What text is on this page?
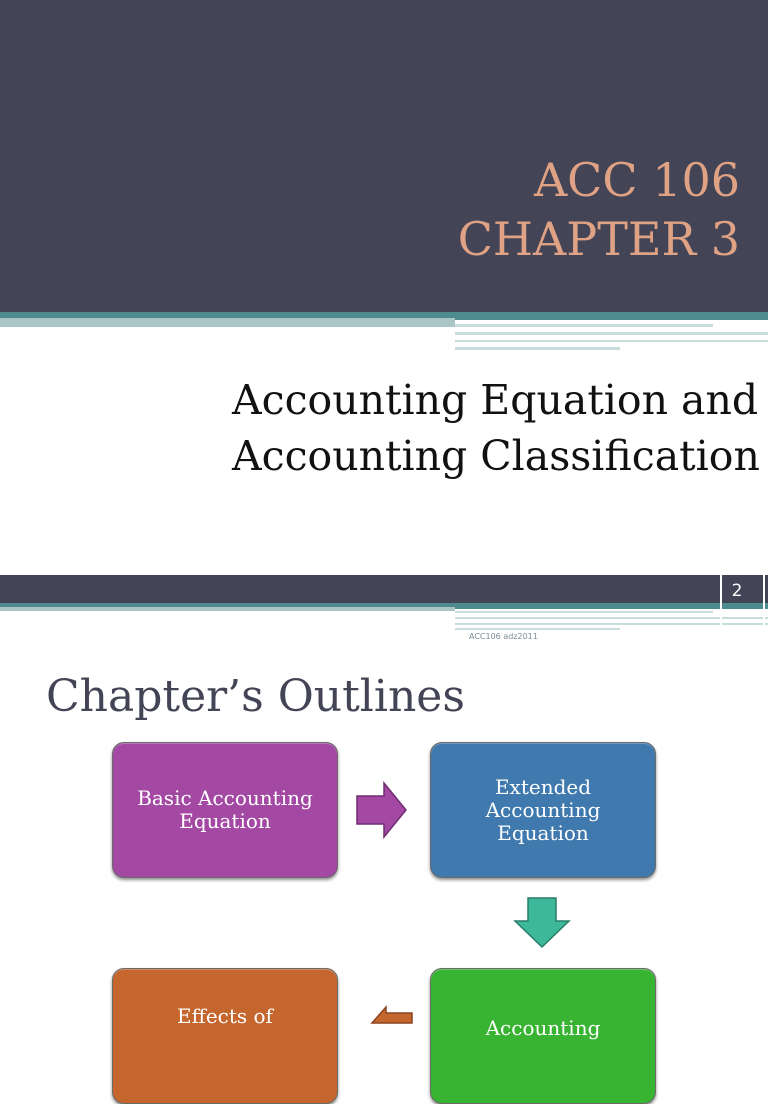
ACC 106
CHAPTER 3
Accounting Equation and
Accounting Classification
2
ACC106 adz2011
Chapter’s Outlines
Basic Accounting Equation
Extended Accounting Equation
Effects of	Accounting
